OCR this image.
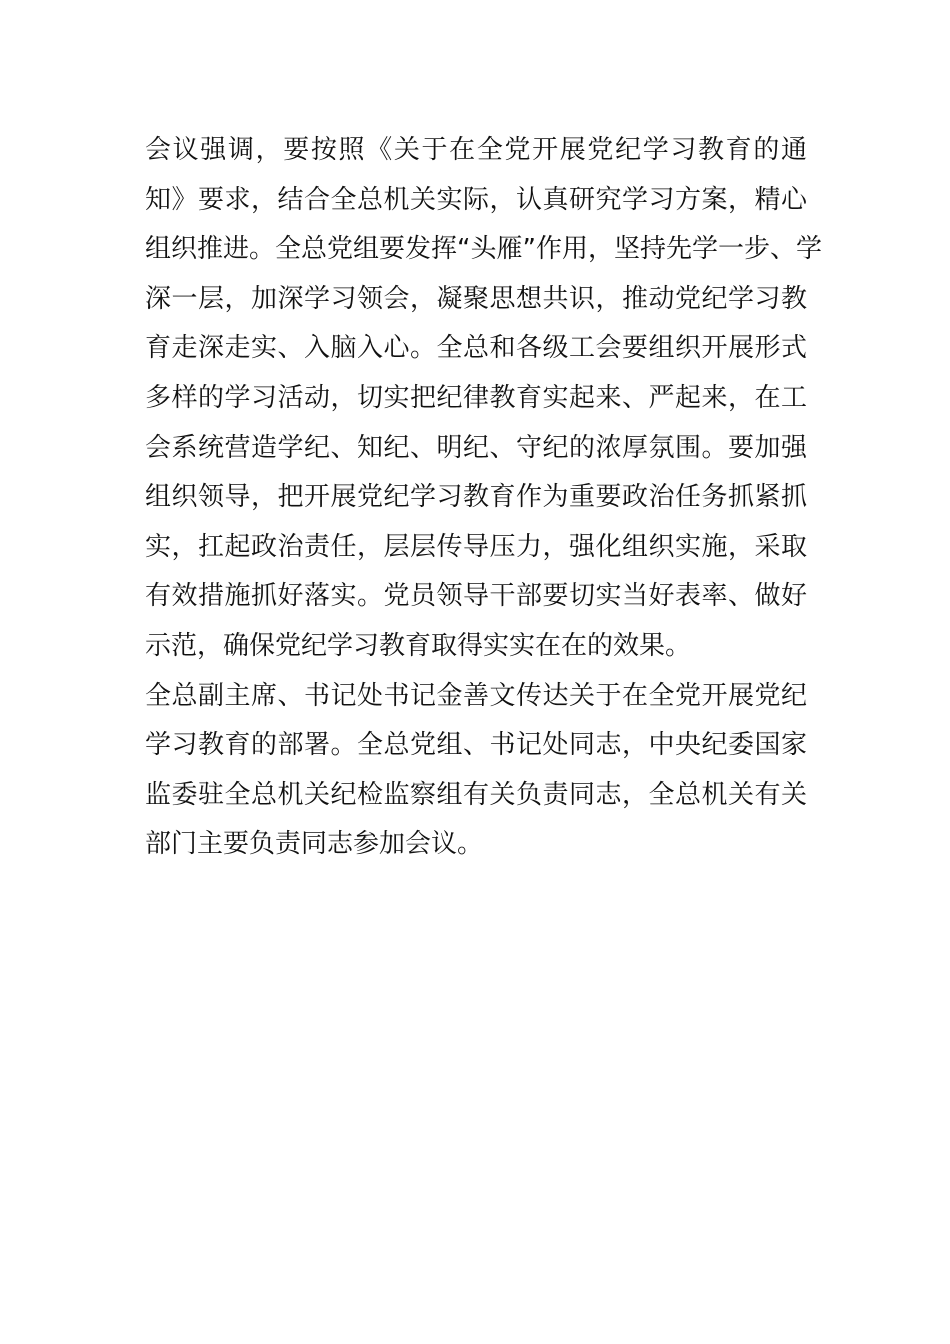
会议强调，要按照《关于在全党开展党纪学习教育的通
知》要求，结合全总机关实际，认真研究学习方案，精心
组织推进。全总党组要发挥“头雁”作用，坚持先学一步、学
深一层，加深学习领会，凝聚思想共识，推动党纪学习教
育走深走实、入脑入心。全总和各级工会要组织开展形式
多样的学习活动，切实把纪律教育实起来、严起来，在工
会系统营造学纪、知纪、明纪、守纪的浓厚氛围。要加强
组织领导，把开展党纪学习教育作为重要政治任务抓紧抓
实，扛起政治责任，层层传导压力，强化组织实施，采取
有效措施抓好落实。党员领导干部要切实当好表率、做好
示范，确保党纪学习教育取得实实在在的效果。

全总副主席、书记处书记金善文传达关于在全党开展党纪
学习教育的部署。全总党组、书记处同志，中央纪委国家
监委驻全总机关纪检监察组有关负责同志，全总机关有关
部门主要负责同志参加会议。
